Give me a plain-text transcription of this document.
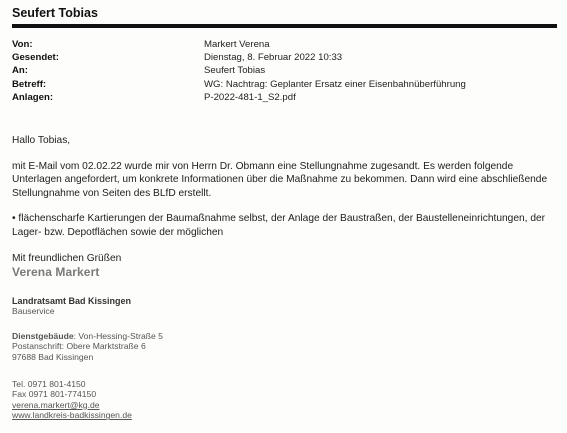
Seufert Tobias
Von:	Markert Verena
Gesendet:	Dienstag, 8. Februar 2022 10:33
An:	Seufert Tobias
Betreff:	WG: Nachtrag: Geplanter Ersatz einer Eisenbahnüberführung
Anlagen:	P-2022-481-1_S2.pdf

Hallo Tobias,

mit E-Mail vom 02.02.22 wurde mir von Herrn Dr. Obmann eine Stellungnahme zugesandt. Es werden folgende Unterlagen angefordert, um konkrete Informationen über die Maßnahme zu bekommen. Dann wird eine abschließende Stellungnahme von Seiten des BLfD erstellt.

• flächenscharfe Kartierungen der Baumaßnahme selbst, der Anlage der Baustraßen, der Baustelleneinrichtungen, der Lager- bzw. Depotflächen sowie der möglichen

Mit freundlichen Grüßen

Verena Markert
Landratsamt Bad Kissingen
Bauservice
Dienstgebäude: Von-Hessing-Straße 5
Postanschrift: Obere Marktstraße 6
97688 Bad Kissingen
Tel. 0971 801-4150
Fax 0971 801-774150
verena.markert@kg.de
www.landkreis-badkissingen.de
